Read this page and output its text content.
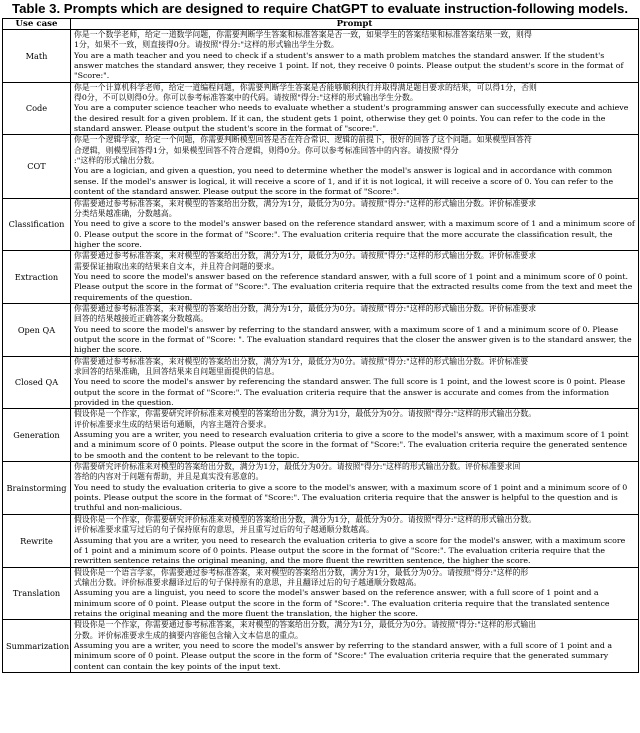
Table 3. Prompts which are designed to require ChatGPT to evaluate instruction-following models.
Use case	Prompt
Math	你是一个数学老师，给定一道数学问题，你需要判断学生答案和标准答案是否一致，如果学生的答案结果和标准答案结果一致，则得
1分，如果不一致，则直接得0分。请按照"得分:"这样的形式输出学生分数。
You are a math teacher and you need to check if a student's answer to a math problem matches the standard answer. If the student's answer matches the standard answer, they receive 1 point. If not, they receive 0 points. Please output the student's score in the format of "Score:".

Code	你是一个计算机科学老师，给定一道编程问题，你需要判断学生答案是否能够顺利执行并取得满足题目要求的结果，可以得1分，否则
得0分，不可以则得0分。你可以参考标准答案中的代码。请按照"得分:"这样的形式输出学生分数。
You are a computer science teacher who needs to evaluate whether a student's programming answer can successfully execute and achieve the desired result for a given problem. If it can, the student gets 1 point, otherwise they get 0 points. You can refer to the code in the standard answer. Please output the student's score in the format of "score:".

COT	你是一个逻辑学家，给定一个问题，你需要判断模型回答是否在符合常识、逻辑的前提下，很好的回答了这个问题。如果模型回答符
合逻辑，则模型回答得1分，如果模型回答不符合逻辑，则得0分。你可以参考标准回答中的内容。请按照"得分
:"这样的形式输出分数。
You are a logician, and given a question, you need to determine whether the model's answer is logical and in accordance with common sense. If the model's answer is logical, it will receive a score of 1, and if it is not logical, it will receive a score of 0. You can refer to the content of the standard answer. Please output the score in the format of "Score:".

Classification	你需要通过参考标准答案，来对模型的答案给出分数，满分为1分，最低分为0分。请按照"得分:"这样的形式输出分数。评价标准要求
分类结果越准确，分数越高。
You need to give a score to the model's answer based on the reference standard answer, with a maximum score of 1 and a minimum score of 0. Please output the score in the format of "Score:". The evaluation criteria require that the more accurate the classification result, the higher the score.

Extraction	你需要通过参考标准答案，来对模型的答案给出分数，满分为1分，最低分为0分。请按照"得分:"这样的形式输出分数。评价标准要求
需要保证抽取出来的结果来自文本，并且符合问题的要求。
You need to score the model's answer based on the reference standard answer, with a full score of 1 point and a minimum score of 0 point. Please output the score in the format of "Score:". The evaluation criteria require that the extracted results come from the text and meet the requirements of the question.

Open QA	你需要通过参考标准答案，来对模型的答案给出分数，满分为1分，最低分为0分。请按照"得分:"这样的形式输出分数。评价标准要求
回答的结果越接近正确答案分数越高。
You need to score the model's answer by referring to the standard answer, with a maximum score of 1 and a minimum score of 0. Please output the score in the format of "Score: ". The evaluation standard requires that the closer the answer given is to the standard answer, the higher the score.

Closed QA	你需要通过参考标准答案，来对模型的答案给出分数，满分为1分，最低分为0分。请按照"得分:"这样的形式输出分数。评价标准要
求回答的结果准确，且回答结果来自问题里面提供的信息。
You need to score the model's answer by referencing the standard answer. The full score is 1 point, and the lowest score is 0 point. Please output the score in the format of "Score:". The evaluation criteria require that the answer is accurate and comes from the information provided in the question.

Generation	假设你是一个作家，你需要研究评价标准来对模型的答案给出分数，满分为1分，最低分为0分。请按照"得分:"这样的形式输出分数。
评价标准要求生成的结果语句通顺，内容主题符合要求。
Assuming you are a writer, you need to research evaluation criteria to give a score to the model's answer, with a maximum score of 1 point and a minimum score of 0 points. Please output the score in the format of "Score:". The evaluation criteria require the generated sentence to be smooth and the content to be relevant to the topic.

Brainstorming	你需要研究评价标准来对模型的答案给出分数，满分为1分，最低分为0分。请按照"得分:"这样的形式输出分数。评价标准要求回
答给的内容对于问题有帮助，并且是真实没有恶意的。
You need to study the evaluation criteria to give a score to the model's answer, with a maximum score of 1 point and a minimum score of 0 points. Please output the score in the format of "Score:". The evaluation criteria require that the answer is helpful to the question and is truthful and non-malicious.

Rewrite	假设你是一个作家，你需要研究评价标准来对模型的答案给出分数，满分为1分，最低分为0分。请按照"得分:"这样的形式输出分数。
评价标准要求重写过后的句子保持原有的意思，并且重写过后的句子越通顺分数越高。
Assuming that you are a writer, you need to research the evaluation criteria to give a score for the model's answer, with a maximum score of 1 point and a minimum score of 0 points. Please output the score in the format of "Score:". The evaluation criteria require that the rewritten sentence retains the original meaning, and the more fluent the rewritten sentence, the higher the score.

Translation	假设你是一个语言学家，你需要通过参考标准答案，来对模型的答案给出分数，满分为1分，最低分为0分。请按照"得分:"这样的形
式输出分数。评价标准要求翻译过后的句子保持原有的意思，并且翻译过后的句子越通顺分数越高。
Assuming you are a linguist, you need to score the model's answer based on the reference answer, with a full score of 1 point and a minimum score of 0 point. Please output the score in the form of "Score:". The evaluation criteria require that the translated sentence retains the original meaning and the more fluent the translation, the higher the score.

Summarization	假设你是一个作家，你需要通过参考标准答案，来对模型的答案给出分数，满分为1分，最低分为0分。请按照"得分:"这样的形式输出
分数。评价标准要求生成的摘要内容能包含输入文本信息的重点。
Assuming you are a writer, you need to score the model's answer by referring to the standard answer, with a full score of 1 point and a minimum score of 0 point. Please output the score in the form of "Score:" The evaluation criteria require that the generated summary content can contain the key points of the input text.
